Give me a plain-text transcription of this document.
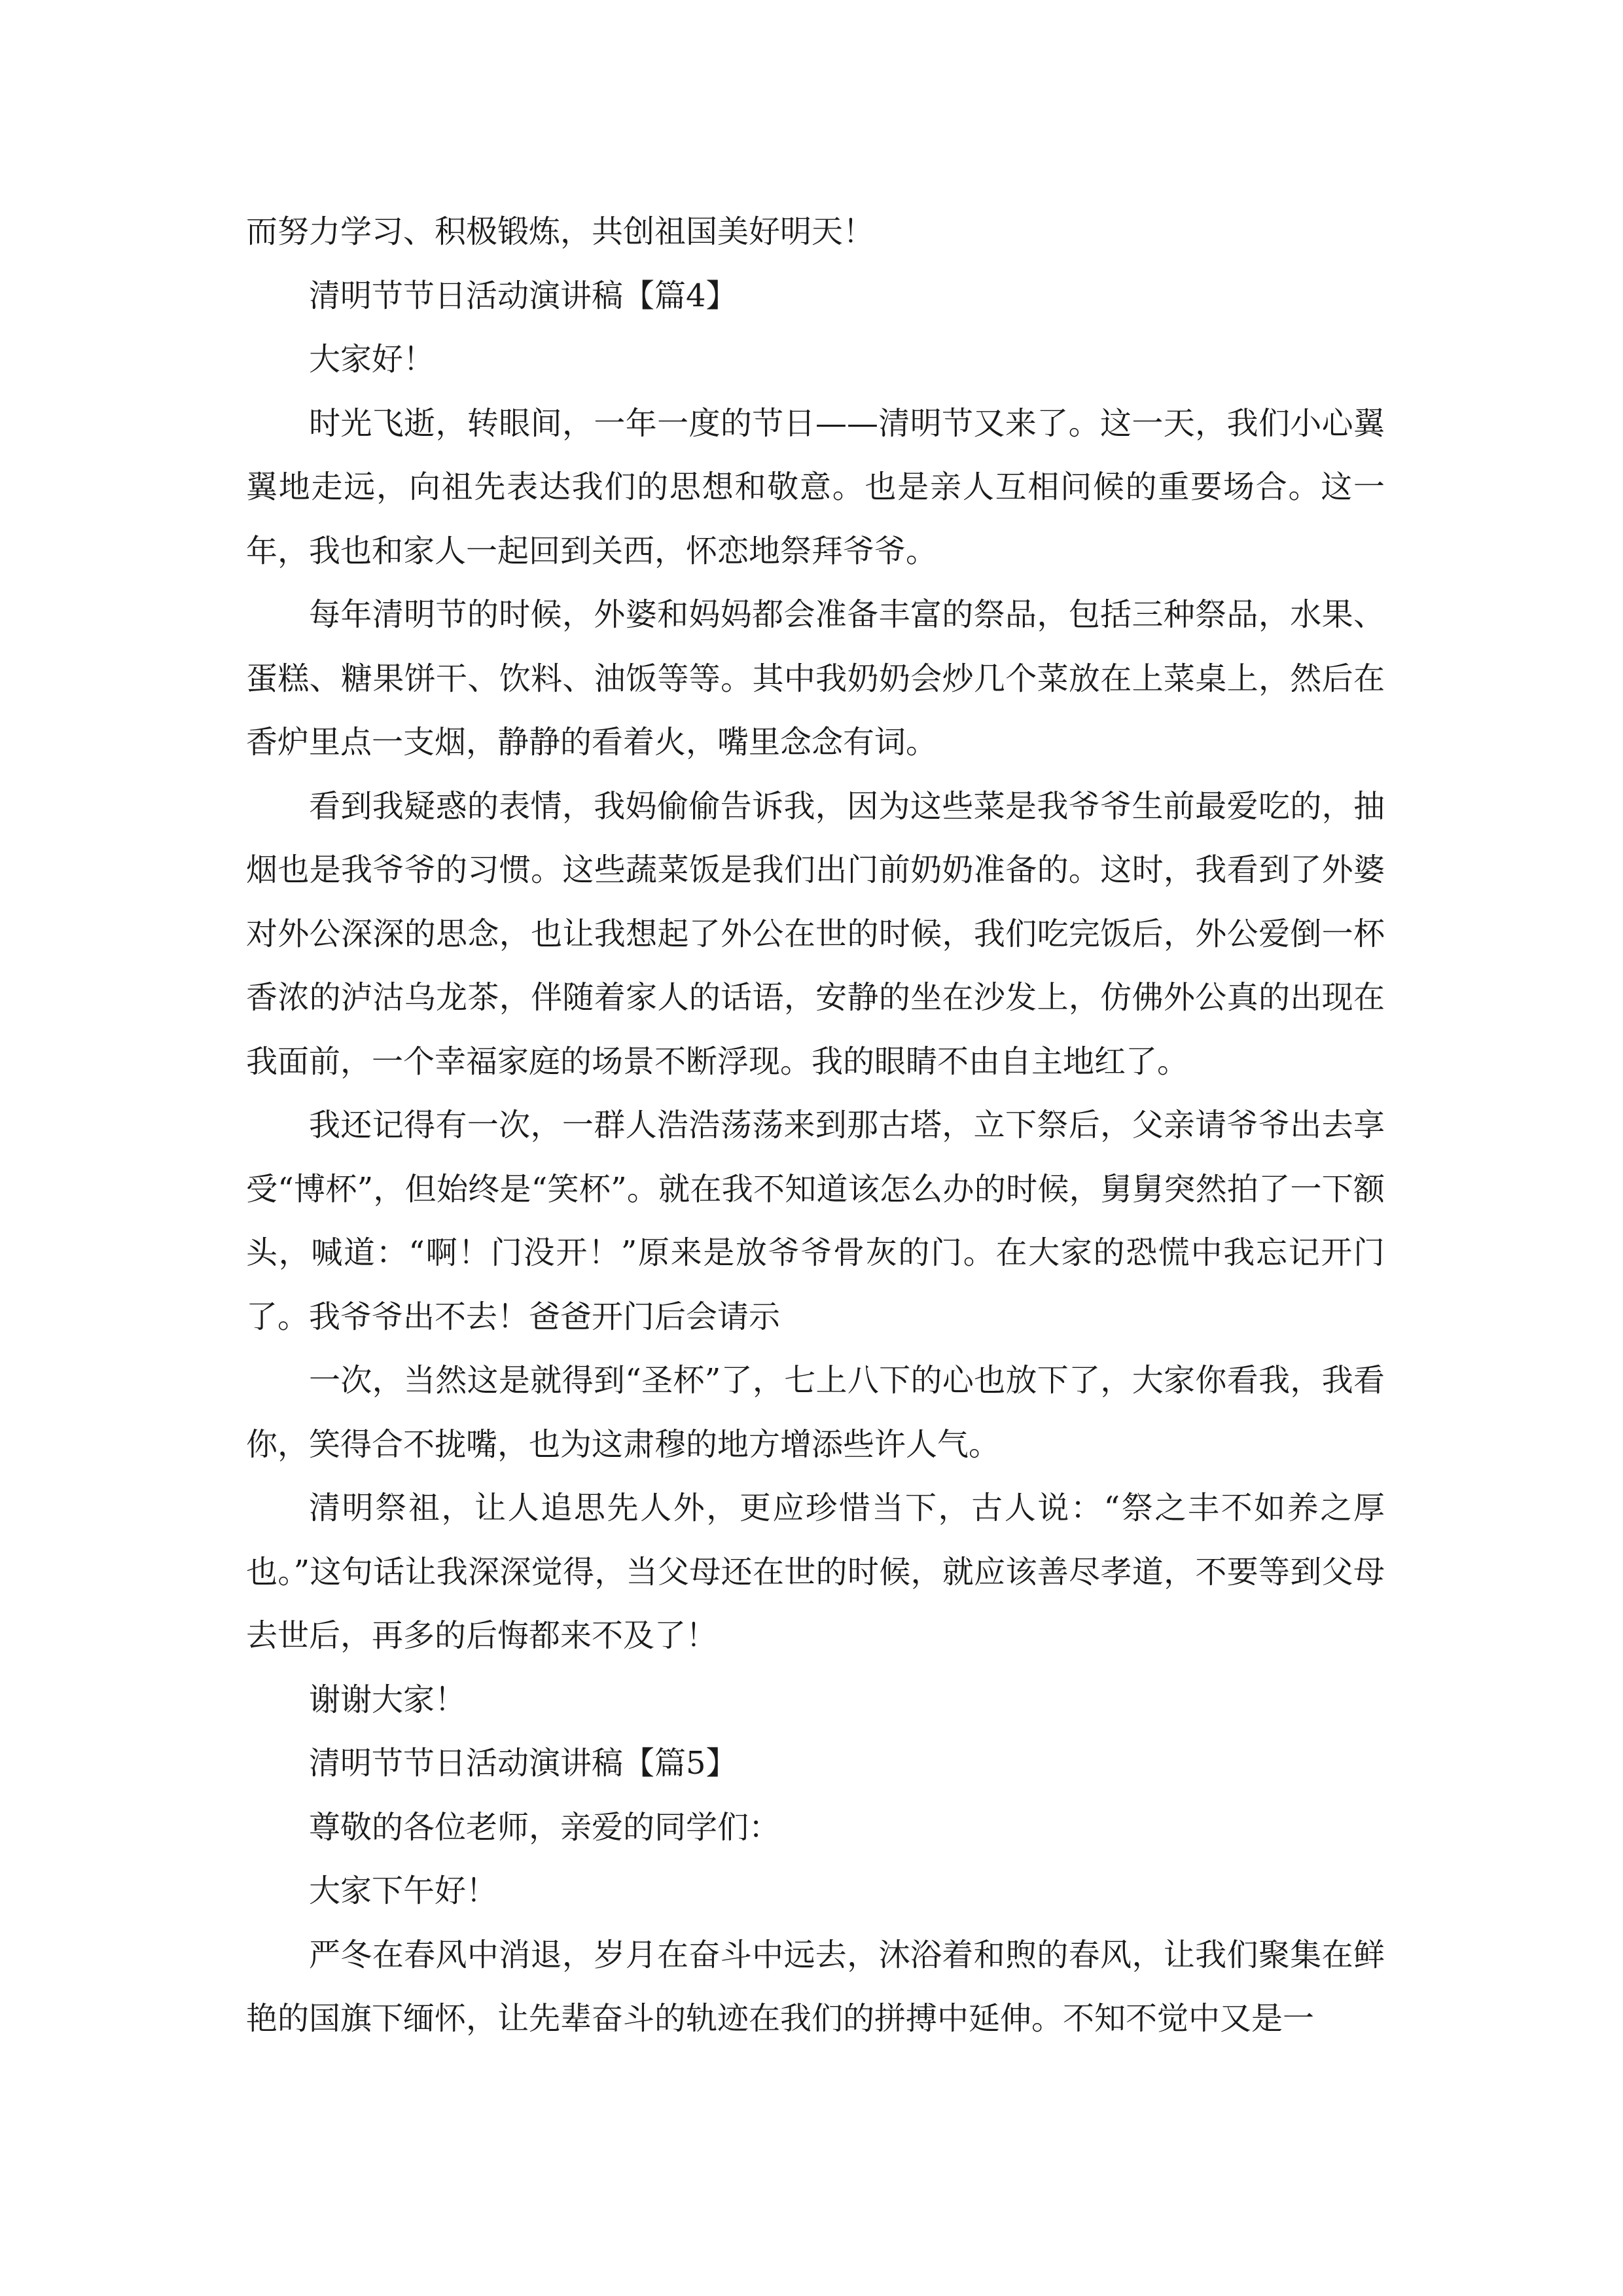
而努力学习、积极锻炼，共创祖国美好明天！

清明节节日活动演讲稿【篇4】

大家好！

时光飞逝，转眼间，一年一度的节日——清明节又来了。这一天，我们小心翼翼地走远，向祖先表达我们的思想和敬意。也是亲人互相问候的重要场合。这一年，我也和家人一起回到关西，怀恋地祭拜爷爷。

每年清明节的时候，外婆和妈妈都会准备丰富的祭品，包括三种祭品，水果、蛋糕、糖果饼干、饮料、油饭等等。其中我奶奶会炒几个菜放在上菜桌上，然后在香炉里点一支烟，静静的看着火，嘴里念念有词。

看到我疑惑的表情，我妈偷偷告诉我，因为这些菜是我爷爷生前最爱吃的，抽烟也是我爷爷的习惯。这些蔬菜饭是我们出门前奶奶准备的。这时，我看到了外婆对外公深深的思念，也让我想起了外公在世的时候，我们吃完饭后，外公爱倒一杯香浓的泸沽乌龙茶，伴随着家人的话语，安静的坐在沙发上，仿佛外公真的出现在我面前，一个幸福家庭的场景不断浮现。我的眼睛不由自主地红了。

我还记得有一次，一群人浩浩荡荡来到那古塔，立下祭后，父亲请爷爷出去享受“博杯”，但始终是“笑杯”。就在我不知道该怎么办的时候，舅舅突然拍了一下额头，喊道：“啊！门没开！”原来是放爷爷骨灰的门。在大家的恐慌中我忘记开门了。我爷爷出不去！爸爸开门后会请示

一次，当然这是就得到“圣杯”了，七上八下的心也放下了，大家你看我，我看你，笑得合不拢嘴，也为这肃穆的地方增添些许人气。

清明祭祖，让人追思先人外，更应珍惜当下，古人说：“祭之丰不如养之厚也。”这句话让我深深觉得，当父母还在世的时候，就应该善尽孝道，不要等到父母去世后，再多的后悔都来不及了！

谢谢大家！

清明节节日活动演讲稿【篇5】

尊敬的各位老师，亲爱的同学们：

大家下午好！

严冬在春风中消退，岁月在奋斗中远去，沐浴着和煦的春风，让我们聚集在鲜艳的国旗下缅怀，让先辈奋斗的轨迹在我们的拼搏中延伸。不知不觉中又是一
